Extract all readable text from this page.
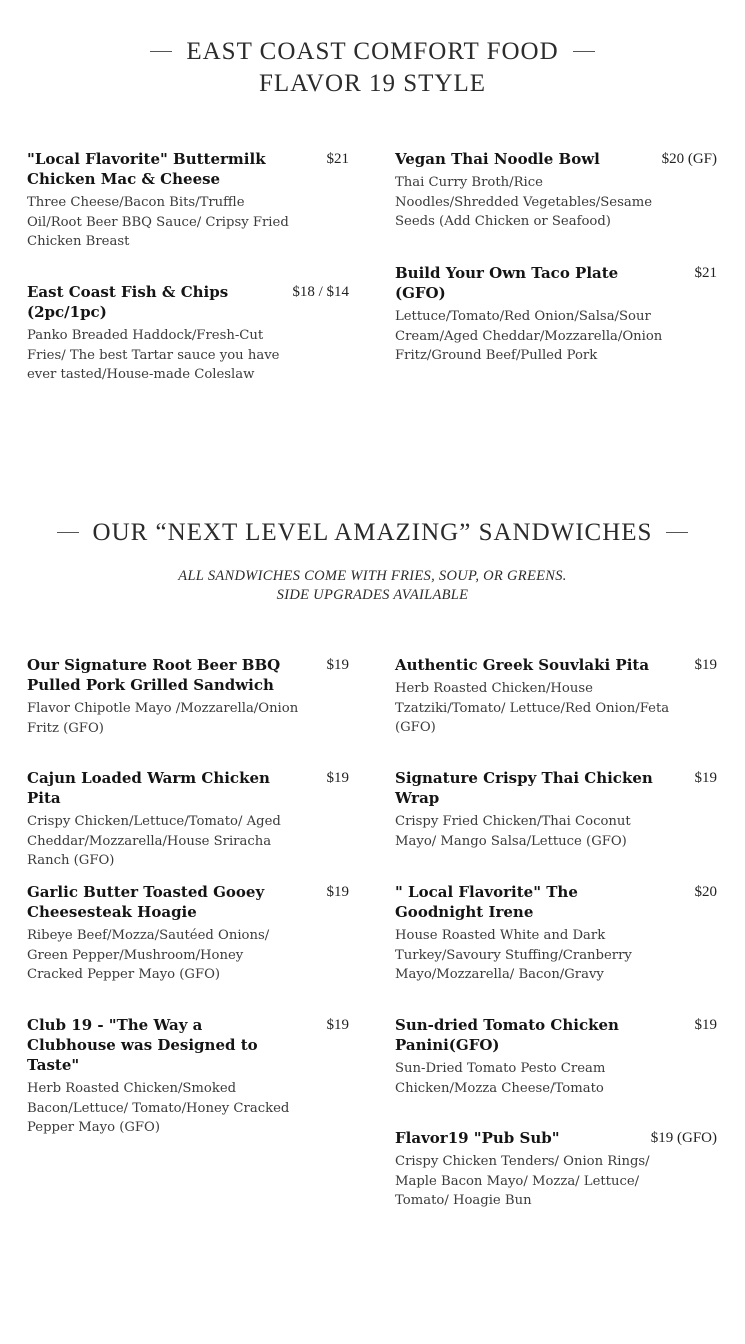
EAST COAST COMFORT FOOD
FLAVOR 19 STYLE
"Local Flavorite" Buttermilk Chicken Mac & Cheese
$21
Three Cheese/Bacon Bits/Truffle Oil/Root Beer BBQ Sauce/ Cripsy Fried Chicken Breast
Vegan Thai Noodle Bowl	$20 (GF)
Thai Curry Broth/Rice Noodles/Shredded Vegetables/Sesame Seeds (Add Chicken or Seafood)
East Coast Fish & Chips (2pc/1pc)
$18 / $14
Panko Breaded Haddock/Fresh-Cut Fries/ The best Tartar sauce you have ever tasted/House-made Coleslaw
Build Your Own Taco Plate (GFO)
$21
Lettuce/Tomato/Red Onion/Salsa/Sour Cream/Aged Cheddar/Mozzarella/Onion Fritz/Ground Beef/Pulled Pork
OUR “NEXT LEVEL AMAZING” SANDWICHES
ALL SANDWICHES COME WITH FRIES, SOUP, OR GREENS.
SIDE UPGRADES AVAILABLE
Our Signature Root Beer BBQ Pulled Pork Grilled Sandwich
$19
Flavor Chipotle Mayo /Mozzarella/Onion Fritz (GFO)
Authentic Greek Souvlaki Pita	$19
Herb Roasted Chicken/House Tzatziki/Tomato/ Lettuce/Red Onion/Feta (GFO)
Cajun Loaded Warm Chicken Pita
$19
Crispy Chicken/Lettuce/Tomato/ Aged Cheddar/Mozzarella/House Sriracha Ranch (GFO)
Signature Crispy Thai Chicken Wrap
$19
Crispy Fried Chicken/Thai Coconut Mayo/ Mango Salsa/Lettuce (GFO)
Garlic Butter Toasted Gooey Cheesesteak Hoagie
$19
Ribeye Beef/Mozza/Sautéed Onions/ Green Pepper/Mushroom/Honey Cracked Pepper Mayo (GFO)
" Local Flavorite" The Goodnight Irene
$20
House Roasted White and Dark Turkey/Savoury Stuffing/Cranberry Mayo/Mozzarella/ Bacon/Gravy
Club 19 - "The Way a Clubhouse was Designed to Taste"
$19
Herb Roasted Chicken/Smoked Bacon/Lettuce/ Tomato/Honey Cracked Pepper Mayo (GFO)
Sun-dried Tomato Chicken Panini(GFO)
$19
Sun-Dried Tomato Pesto Cream Chicken/Mozza Cheese/Tomato
Flavor19 "Pub Sub"	$19 (GFO)
Crispy Chicken Tenders/ Onion Rings/ Maple Bacon Mayo/ Mozza/ Lettuce/ Tomato/ Hoagie Bun
